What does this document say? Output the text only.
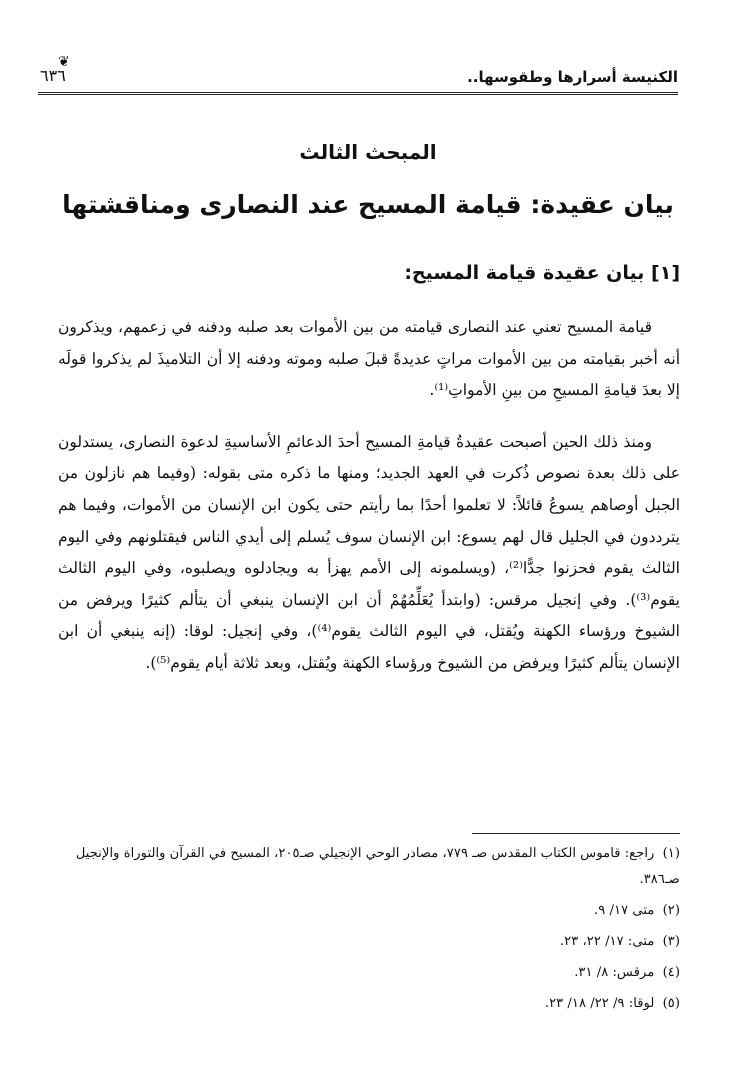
الكنيسة أسرارها وطقوسها..
❦
٦٣٦
المبحث الثالث
بيان عقيدة: قيامة المسيح عند النصارى ومناقشتها
[١] بيان عقيدة قيامة المسيح:

قيامة المسيح تعني عند النصارى قيامته من بين الأموات بعد صلبه ودفنه في زعمهم، ويذكرون أنه أخبر بقيامته من بين الأموات مراتٍ عديدةً قبلَ صلبه وموته ودفنه إلا أن التلاميذَ لم يذكروا قولَه إلا بعدَ قيامةِ المسيحِ من بينِ الأمواتِ⁽¹⁾.

ومنذ ذلك الحين أصبحت عقيدةُ قيامةِ المسيح أحدَ الدعائمِ الأساسيةِ لدعوة النصارى، يستدلون على ذلك بعدة نصوص ذُكرت في العهد الجديد؛ ومنها ما ذكره متى بقوله: (وفيما هم نازلون من الجبل أوصاهم يسوعُ قائلاً: لا تعلموا أحدًا بما رأيتم حتى يكون ابن الإنسان من الأموات، وفيما هم يترددون في الجليل قال لهم يسوع: ابن الإنسان سوف يُسلم إلى أيدي الناس فيقتلونهم وفي اليوم الثالث يقوم فحزنوا جدًّا⁽²⁾، (ويسلمونه إلى الأمم يهزأ به ويجادلوه ويصلبوه، وفي اليوم الثالث يقوم⁽³⁾). وفي إنجيل مرقس: (وابتدأ يُعَلِّمُهُمْ أن ابن الإنسان ينبغي أن يتألم كثيرًا ويرفض من الشيوخ ورؤساء الكهنة ويُقتل، في اليوم الثالث يقوم⁽⁴⁾)، وفي إنجيل: لوقا: (إنه ينبغي أن ابن الإنسان يتألم كثيرًا ويرفض من الشيوخ ورؤساء الكهنة ويُقتل، وبعد ثلاثة أيام يقوم⁽⁵⁾).

(١) راجع: قاموس الكتاب المقدس صـ ٧٧٩، مصادر الوحي الإنجيلي صـ٢٠٥، المسيح في القرآن والتوراة والإنجيل صـ٣٨٦.
(٢) متى ١٧/ ٩.
(٣) متى: ١٧/ ٢٢، ٢٣.
(٤) مرقس: ٨/ ٣١.
(٥) لوقا: ٩/ ٢٢/ ١٨/ ٢٣.
